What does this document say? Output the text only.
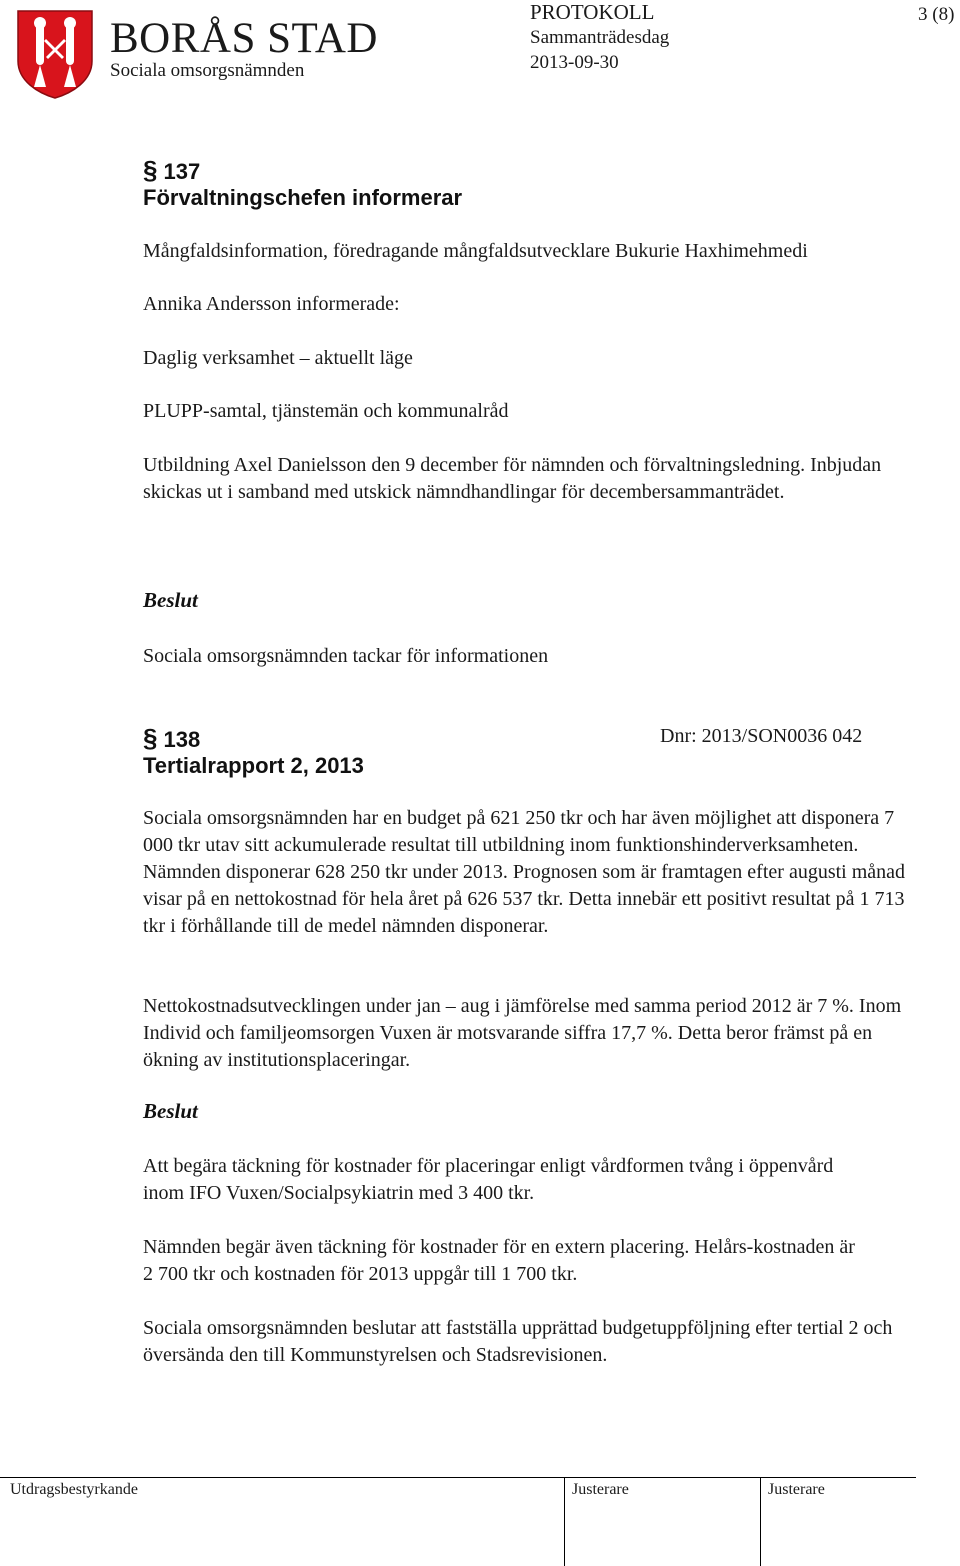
BORÅS STAD
Sociala omsorgsnämnden
PROTOKOLL
Sammanträdesdag
2013-09-30
3 (8)
§ 137
Förvaltningschefen informerar
Mångfaldsinformation, föredragande mångfaldsutvecklare Bukurie Haxhimehmedi
Annika Andersson informerade:
Daglig verksamhet – aktuellt läge
PLUPP-samtal, tjänstemän och kommunalråd
Utbildning Axel Danielsson den 9 december för nämnden och förvaltningsledning. Inbjudan skickas ut i samband med utskick nämndhandlingar för decembersammanträdet.
Beslut
Sociala omsorgsnämnden tackar för informationen
§ 138	Dnr: 2013/SON0036 042
Tertialrapport 2, 2013
Sociala omsorgsnämnden har en budget på 621 250 tkr och har även möjlighet att disponera 7 000 tkr utav sitt ackumulerade resultat till utbildning inom funktionshinderverksamheten. Nämnden disponerar 628 250 tkr under 2013. Prognosen som är framtagen efter augusti månad visar på en nettokostnad för hela året på 626 537 tkr. Detta innebär ett positivt resultat på 1 713 tkr i förhållande till de medel nämnden disponerar.
Nettokostnadsutvecklingen under jan – aug i jämförelse med samma period 2012 är 7 %. Inom Individ och familjeomsorgen Vuxen är motsvarande siffra 17,7 %. Detta beror främst på en ökning av institutionsplaceringar.
Beslut
Att begära täckning för kostnader för placeringar enligt vårdformen tvång i öppenvård inom IFO Vuxen/Socialpsykiatrin med 3 400 tkr.
Nämnden begär även täckning för kostnader för en extern placering. Helårs-kostnaden är 2 700 tkr och kostnaden för 2013 uppgår till 1 700 tkr.
Sociala omsorgsnämnden beslutar att fastställa upprättad budgetuppföljning efter tertial 2 och översända den till Kommunstyrelsen och Stadsrevisionen.
Utdragsbestyrkande	Justerare	Justerare
